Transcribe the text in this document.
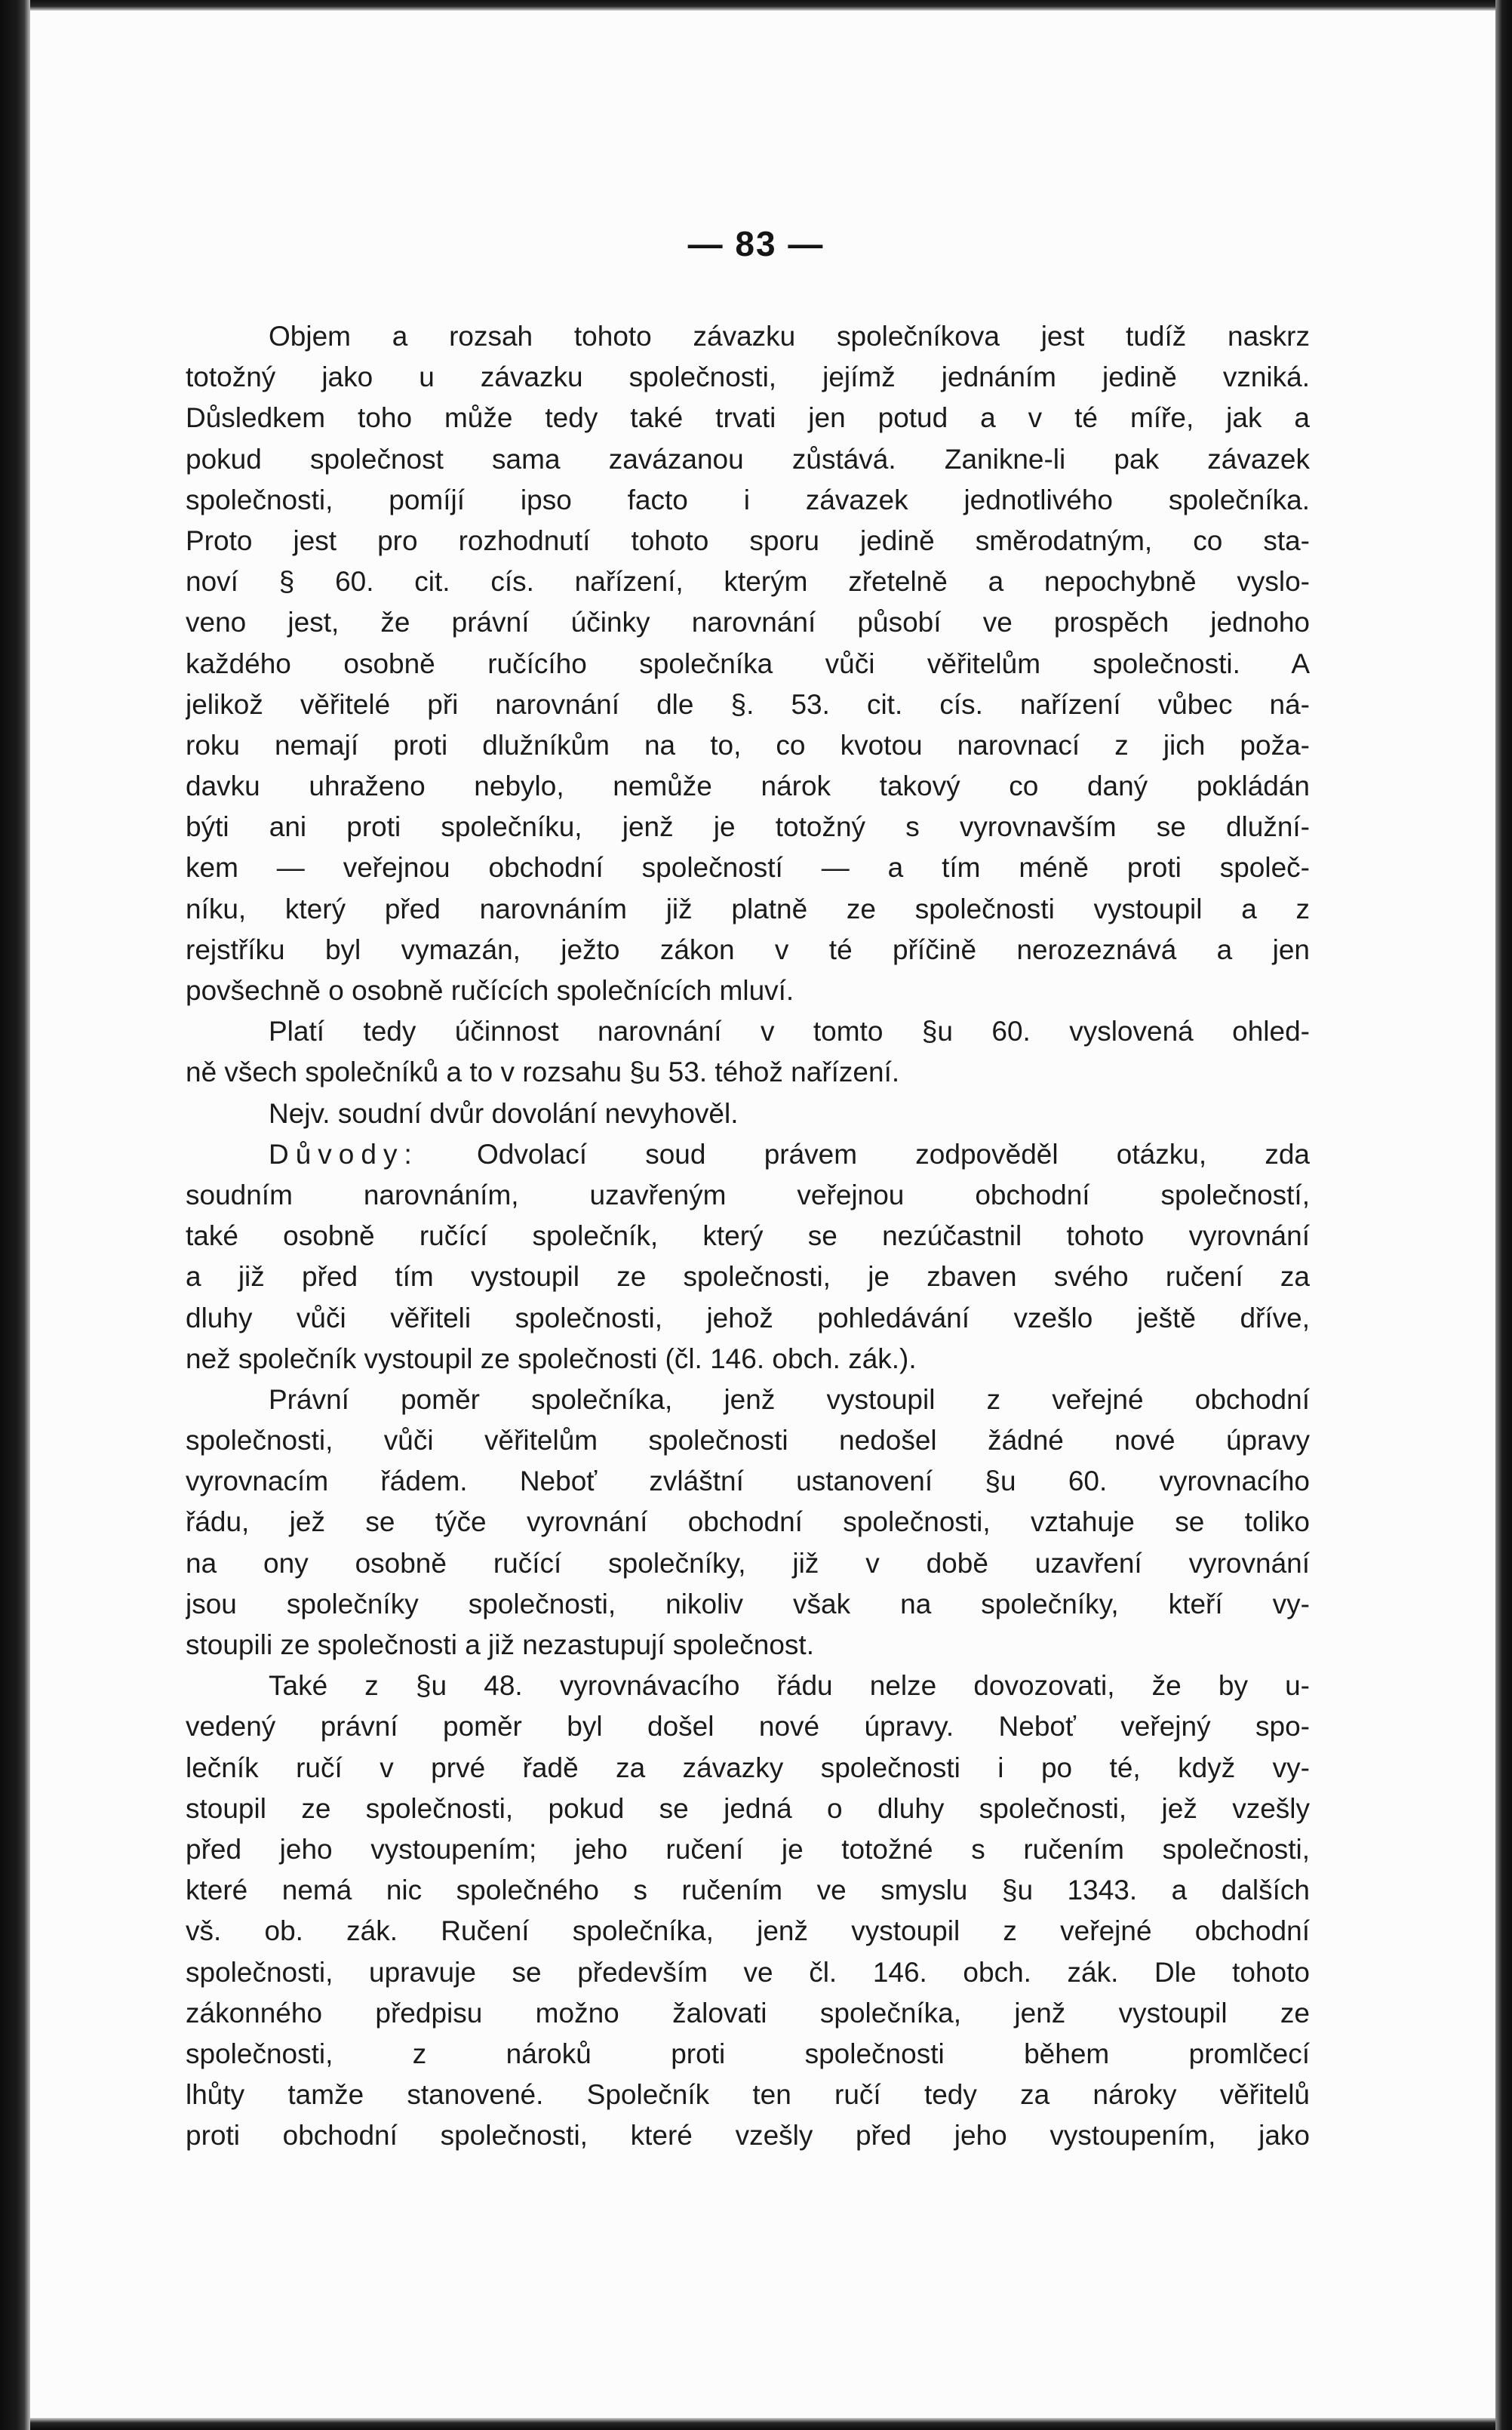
— 83 —
Objem a rozsah tohoto závazku společníkova jest tudíž naskrz
totožný jako u závazku společnosti, jejímž jednáním jedině vzniká.
Důsledkem toho může tedy také trvati jen potud a v té míře, jak a
pokud společnost sama zavázanou zůstává. Zanikne-li pak závazek
společnosti, pomíjí ipso facto i závazek jednotlivého společníka.
Proto jest pro rozhodnutí tohoto sporu jedině směrodatným, co sta-
noví § 60. cit. cís. nařízení, kterým zřetelně a nepochybně vyslo-
veno jest, že právní účinky narovnání působí ve prospěch jednoho
každého osobně ručícího společníka vůči věřitelům společnosti. A
jelikož věřitelé při narovnání dle §. 53. cit. cís. nařízení vůbec ná-
roku nemají proti dlužníkům na to, co kvotou narovnací z jich poža-
davku uhraženo nebylo, nemůže nárok takový co daný pokládán
býti ani proti společníku, jenž je totožný s vyrovnavším se dlužní-
kem — veřejnou obchodní společností — a tím méně proti společ-
níku, který před narovnáním již platně ze společnosti vystoupil a z
rejstříku byl vymazán, ježto zákon v té příčině nerozeznává a jen
povšechně o osobně ručících společnících mluví.
Platí tedy účinnost narovnání v tomto §u 60. vyslovená ohled-
ně všech společníků a to v rozsahu §u 53. téhož nařízení.
Nejv. soudní dvůr dovolání nevyhověl.
Důvody: Odvolací soud právem zodpověděl otázku, zda
soudním narovnáním, uzavřeným veřejnou obchodní společností,
také osobně ručící společník, který se nezúčastnil tohoto vyrovnání
a již před tím vystoupil ze společnosti, je zbaven svého ručení za
dluhy vůči věřiteli společnosti, jehož pohledávání vzešlo ještě dříve,
než společník vystoupil ze společnosti (čl. 146. obch. zák.).
Právní poměr společníka, jenž vystoupil z veřejné obchodní
společnosti, vůči věřitelům společnosti nedošel žádné nové úpravy
vyrovnacím řádem. Neboť zvláštní ustanovení §u 60. vyrovnacího
řádu, jež se týče vyrovnání obchodní společnosti, vztahuje se toliko
na ony osobně ručící společníky, již v době uzavření vyrovnání
jsou společníky společnosti, nikoliv však na společníky, kteří vy-
stoupili ze společnosti a již nezastupují společnost.
Také z §u 48. vyrovnávacího řádu nelze dovozovati, že by u-
vedený právní poměr byl došel nové úpravy. Neboť veřejný spo-
lečník ručí v prvé řadě za závazky společnosti i po té, když vy-
stoupil ze společnosti, pokud se jedná o dluhy společnosti, jež vzešly
před jeho vystoupením; jeho ručení je totožné s ručením společnosti,
které nemá nic společného s ručením ve smyslu §u 1343. a dalších
vš. ob. zák. Ručení společníka, jenž vystoupil z veřejné obchodní
společnosti, upravuje se především ve čl. 146. obch. zák. Dle tohoto
zákonného předpisu možno žalovati společníka, jenž vystoupil ze
společnosti, z nároků proti společnosti během promlčecí
lhůty tamže stanovené. Společník ten ručí tedy za nároky věřitelů
proti obchodní společnosti, které vzešly před jeho vystoupením, jako
